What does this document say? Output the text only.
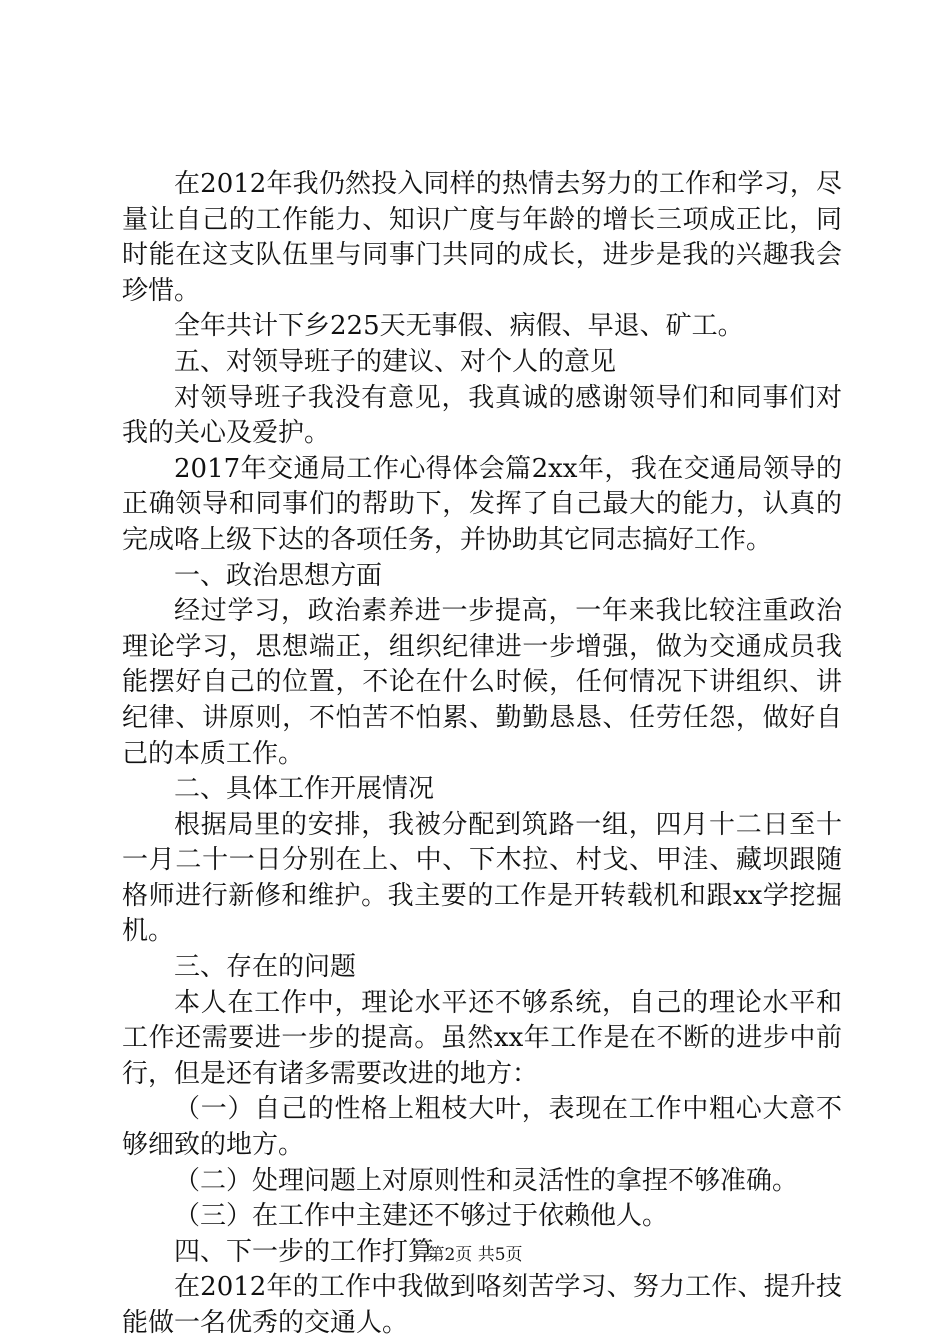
在2012年我仍然投入同样的热情去努力的工作和学习，尽量让自己的工作能力、知识广度与年龄的增长三项成正比，同时能在这支队伍里与同事门共同的成长，进步是我的兴趣我会珍惜。

全年共计下乡225天无事假、病假、早退、矿工。

五、对领导班子的建议、对个人的意见

对领导班子我没有意见，我真诚的感谢领导们和同事们对我的关心及爱护。

2017年交通局工作心得体会篇2xx年，我在交通局领导的正确领导和同事们的帮助下，发挥了自己最大的能力，认真的完成咯上级下达的各项任务，并协助其它同志搞好工作。

一、政治思想方面

经过学习，政治素养进一步提高，一年来我比较注重政治理论学习，思想端正，组织纪律进一步增强，做为交通成员我能摆好自己的位置，不论在什么时候，任何情况下讲组织、讲纪律、讲原则，不怕苦不怕累、勤勤恳恳、任劳任怨，做好自己的本质工作。

二、具体工作开展情况

根据局里的安排，我被分配到筑路一组，四月十二日至十一月二十一日分别在上、中、下木拉、村戈、甲洼、藏坝跟随格师进行新修和维护。我主要的工作是开转载机和跟xx学挖掘机。

三、存在的问题

本人在工作中，理论水平还不够系统，自己的理论水平和工作还需要进一步的提高。虽然xx年工作是在不断的进步中前行，但是还有诸多需要改进的地方：

（一）自己的性格上粗枝大叶，表现在工作中粗心大意不够细致的地方。

（二）处理问题上对原则性和灵活性的拿捏不够准确。

（三）在工作中主建还不够过于依赖他人。

四、下一步的工作打算

在2012年的工作中我做到咯刻苦学习、努力工作、提升技能做一名优秀的交通人。

第2页 共5页
